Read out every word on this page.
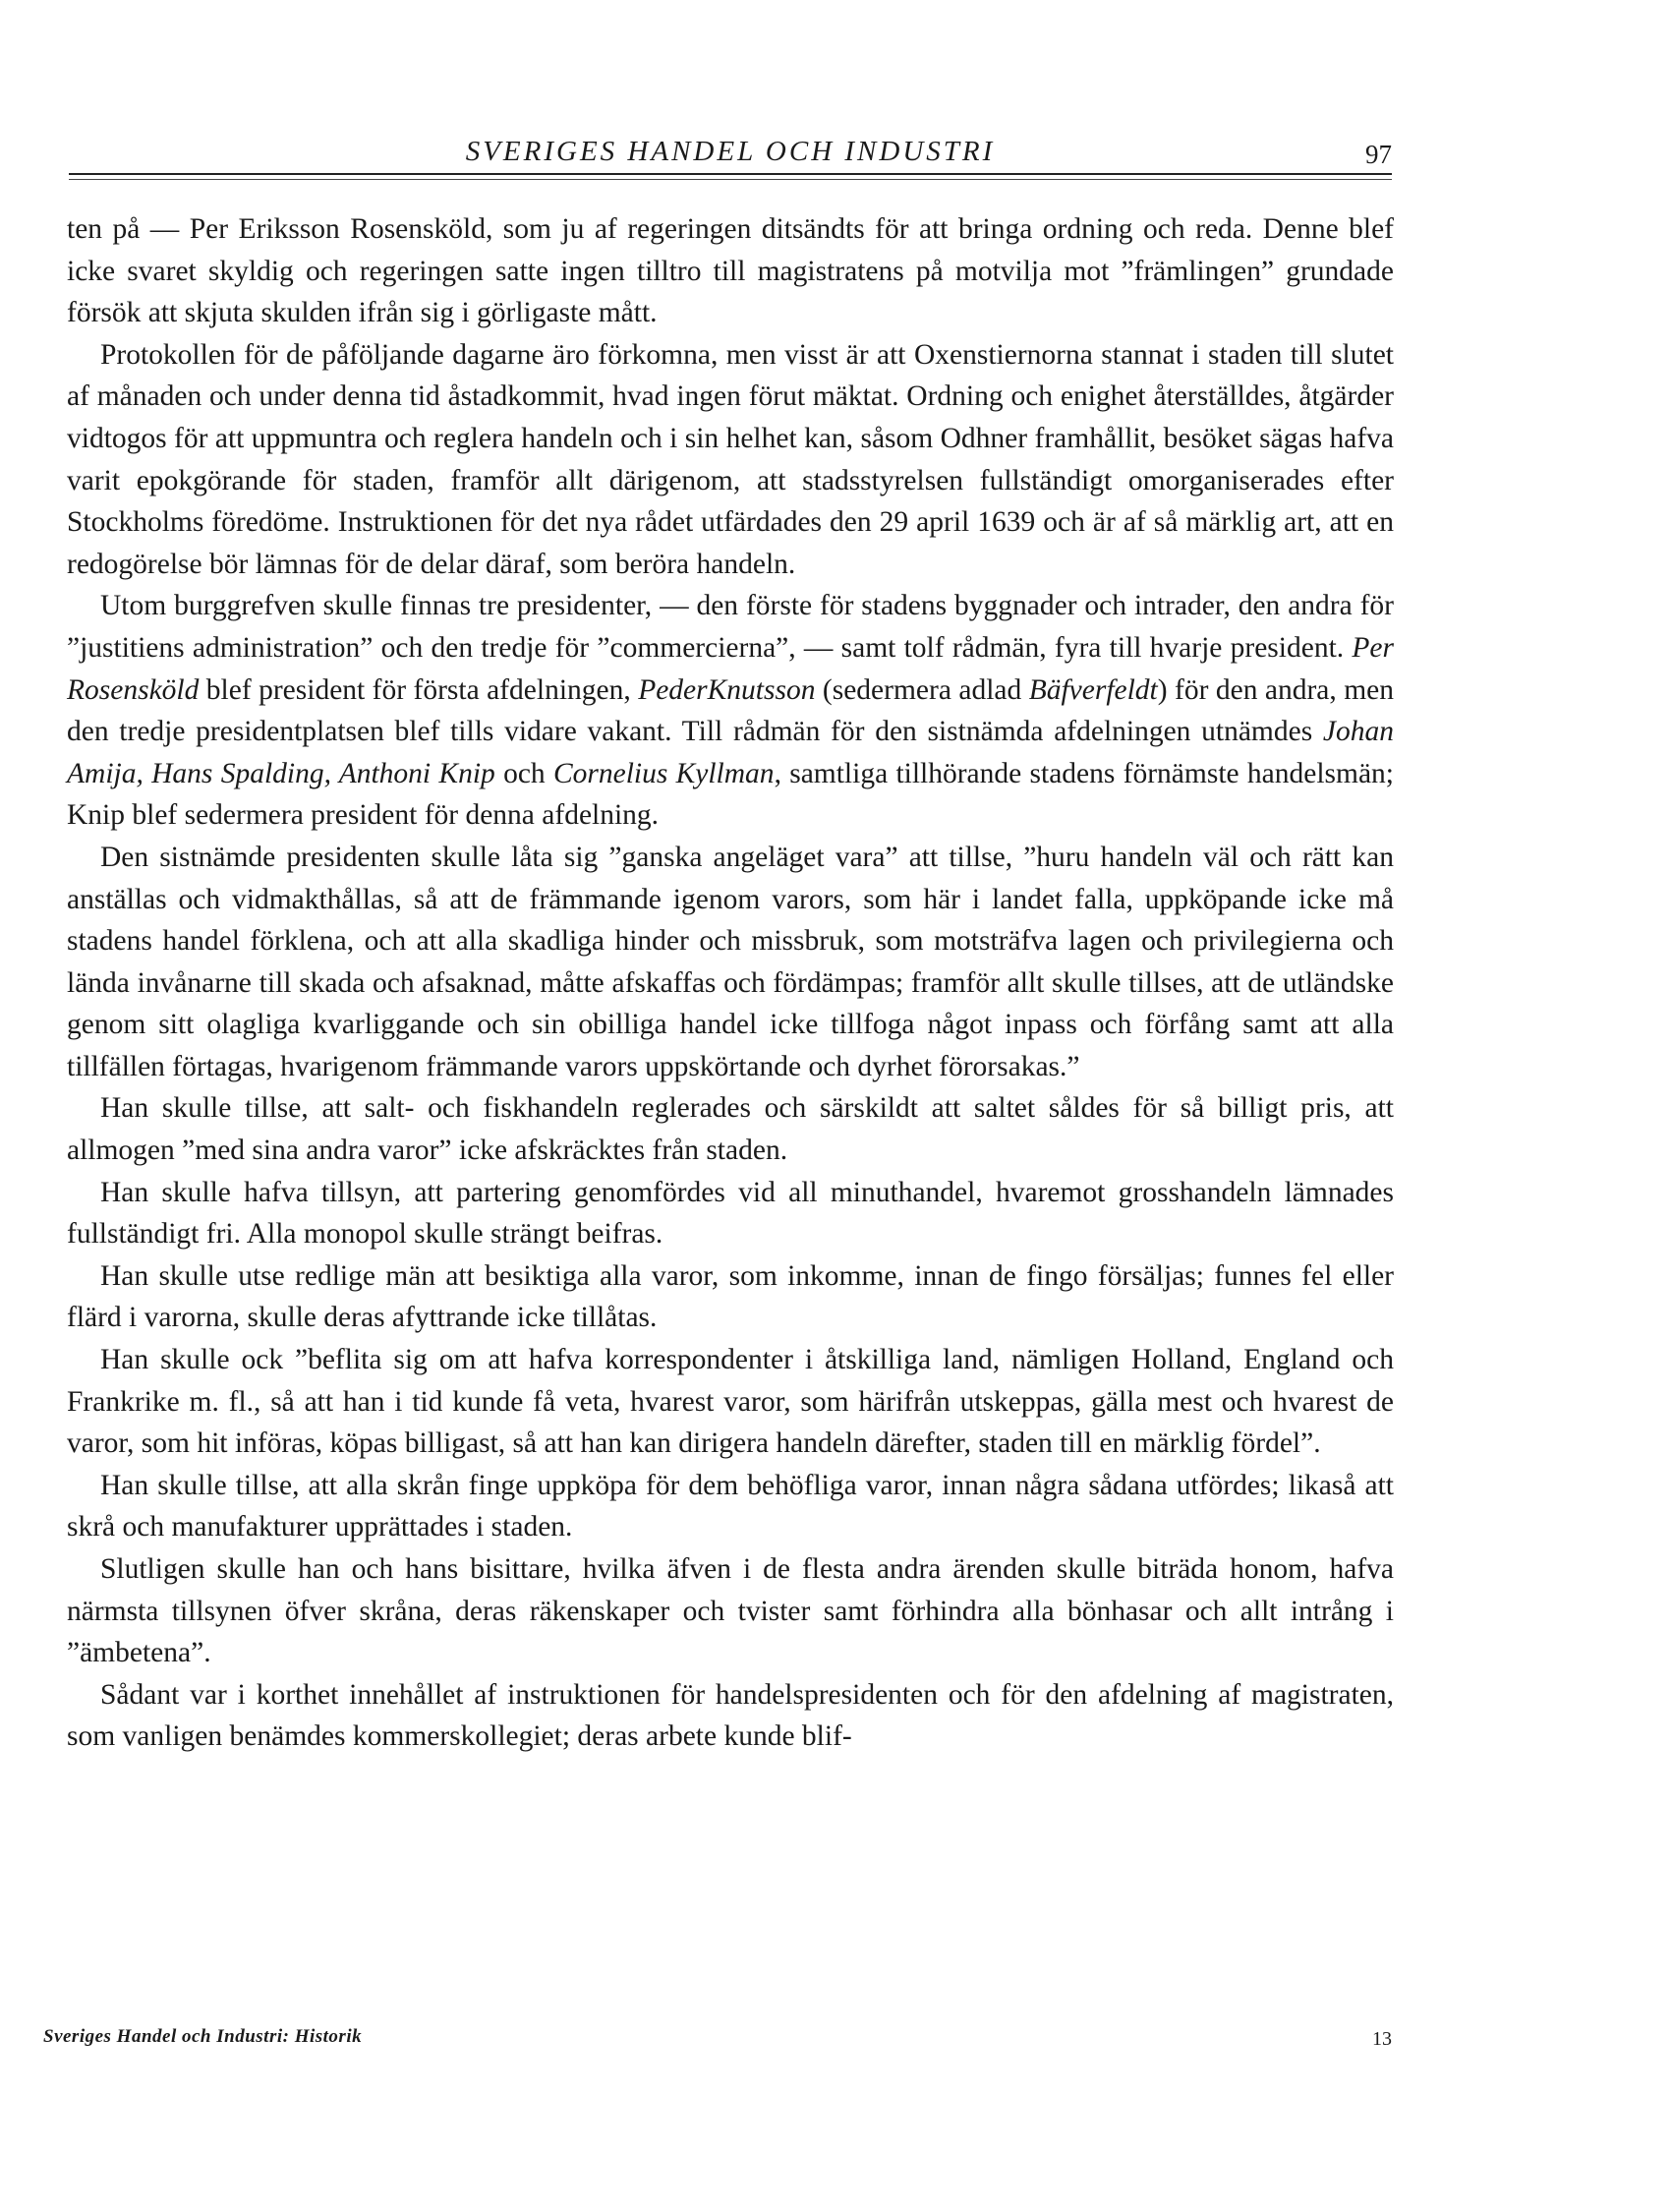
SVERIGES HANDEL OCH INDUSTRI	97

ten på — Per Eriksson Rosensköld, som ju af regeringen ditsändts för att bringa ordning och reda. Denne blef icke svaret skyldig och regeringen satte ingen tilltro till magistratens på motvilja mot ”främlingen” grundade försök att skjuta skulden ifrån sig i görligaste mått.

Protokollen för de påföljande dagarne äro förkomna, men visst är att Oxenstiernorna stannat i staden till slutet af månaden och under denna tid åstadkommit, hvad ingen förut mäktat. Ordning och enighet återställdes, åtgärder vidtogos för att uppmuntra och reglera handeln och i sin helhet kan, såsom Odhner framhållit, besöket sägas hafva varit epokgörande för staden, framför allt därigenom, att stadsstyrelsen fullständigt omorganiserades efter Stockholms föredöme. Instruktionen för det nya rådet utfärdades den 29 april 1639 och är af så märklig art, att en redogörelse bör lämnas för de delar däraf, som beröra handeln.

Utom burggrefven skulle finnas tre presidenter, — den förste för stadens byggnader och intrader, den andra för ”justitiens administration” och den tredje för ”commercierna”, — samt tolf rådmän, fyra till hvarje president. Per Rosensköld blef president för första afdelningen, PederKnutsson (sedermera adlad Bäfverfeldt) för den andra, men den tredje presidentplatsen blef tills vidare vakant. Till rådmän för den sistnämda afdelningen utnämdes Johan Amija, Hans Spalding, Anthoni Knip och Cornelius Kyllman, samtliga tillhörande stadens förnämste handelsmän; Knip blef sedermera president för denna afdelning.

Den sistnämde presidenten skulle låta sig ”ganska angeläget vara” att tillse, ”huru handeln väl och rätt kan anställas och vidmakthållas, så att de främmande igenom varors, som här i landet falla, uppköpande icke må stadens handel förklena, och att alla skadliga hinder och missbruk, som motsträfva lagen och privilegierna och lända invånarne till skada och afsaknad, måtte afskaffas och fördämpas; framför allt skulle tillses, att de utländske genom sitt olagliga kvarliggande och sin obilliga handel icke tillfoga något inpass och förfång samt att alla tillfällen förtagas, hvarigenom främmande varors uppskörtande och dyrhet förorsakas.”

Han skulle tillse, att salt- och fiskhandeln reglerades och särskildt att saltet såldes för så billigt pris, att allmogen ”med sina andra varor” icke afskräcktes från staden.

Han skulle hafva tillsyn, att partering genomfördes vid all minuthandel, hvaremot grosshandeln lämnades fullständigt fri. Alla monopol skulle strängt beifras.

Han skulle utse redlige män att besiktiga alla varor, som inkomme, innan de fingo försäljas; funnes fel eller flärd i varorna, skulle deras afyttrande icke tillåtas.

Han skulle ock ”beflita sig om att hafva korrespondenter i åtskilliga land, nämligen Holland, England och Frankrike m. fl., så att han i tid kunde få veta, hvarest varor, som härifrån utskeppas, gälla mest och hvarest de varor, som hit införas, köpas billigast, så att han kan dirigera handeln därefter, staden till en märklig fördel”.

Han skulle tillse, att alla skrån finge uppköpa för dem behöfliga varor, innan några sådana utfördes; likaså att skrå och manufakturer upprättades i staden.

Slutligen skulle han och hans bisittare, hvilka äfven i de flesta andra ärenden skulle biträda honom, hafva närmsta tillsynen öfver skråna, deras räkenskaper och tvister samt förhindra alla bönhasar och allt intrång i ”ämbetena”.

Sådant var i korthet innehållet af instruktionen för handelspresidenten och för den afdelning af magistraten, som vanligen benämdes kommerskollegiet; deras arbete kunde blif-

Sveriges Handel och Industri: Historik	13
